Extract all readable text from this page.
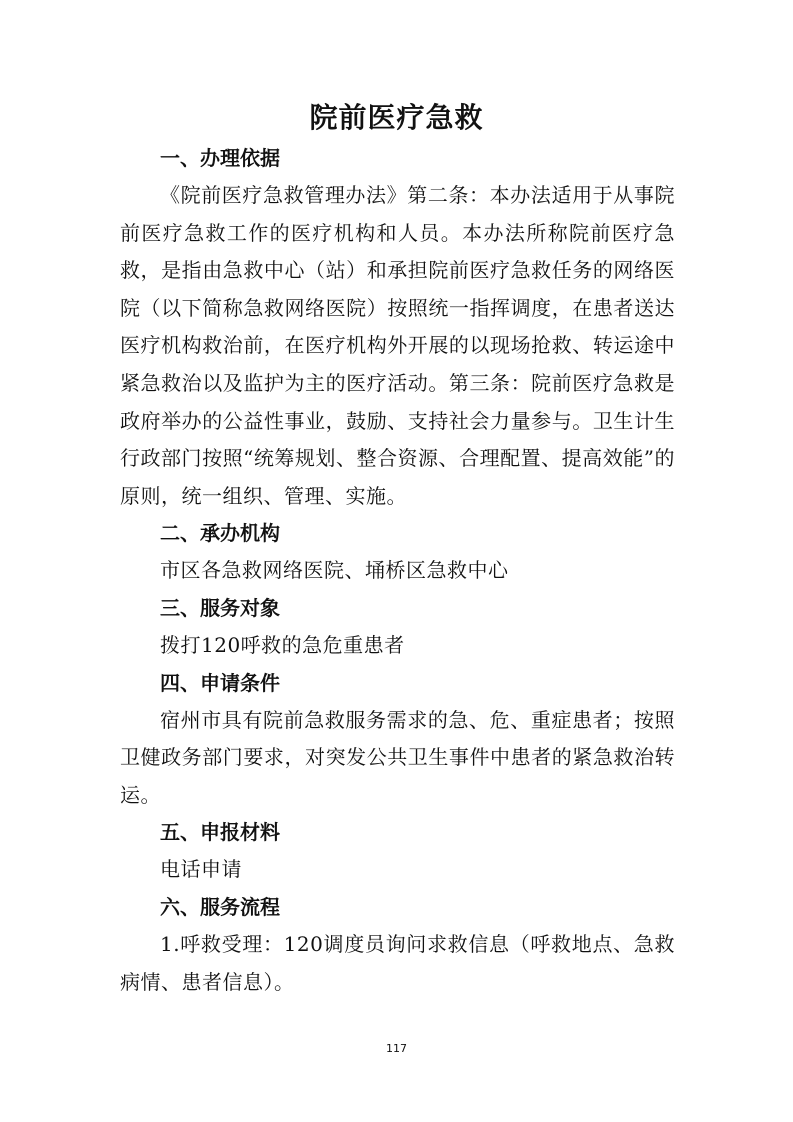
院前医疗急救
一、办理依据

《院前医疗急救管理办法》第二条：本办法适用于从事院前医疗急救工作的医疗机构和人员。本办法所称院前医疗急救，是指由急救中心（站）和承担院前医疗急救任务的网络医院（以下简称急救网络医院）按照统一指挥调度，在患者送达医疗机构救治前，在医疗机构外开展的以现场抢救、转运途中紧急救治以及监护为主的医疗活动。第三条：院前医疗急救是政府举办的公益性事业，鼓励、支持社会力量参与。卫生计生行政部门按照“统筹规划、整合资源、合理配置、提高效能”的原则，统一组织、管理、实施。

二、承办机构

市区各急救网络医院、埇桥区急救中心

三、服务对象

拨打120呼救的急危重患者

四、申请条件

宿州市具有院前急救服务需求的急、危、重症患者；按照卫健政务部门要求，对突发公共卫生事件中患者的紧急救治转运。

五、申报材料

电话申请

六、服务流程

1.呼救受理：120调度员询问求救信息（呼救地点、急救病情、患者信息）。

117
